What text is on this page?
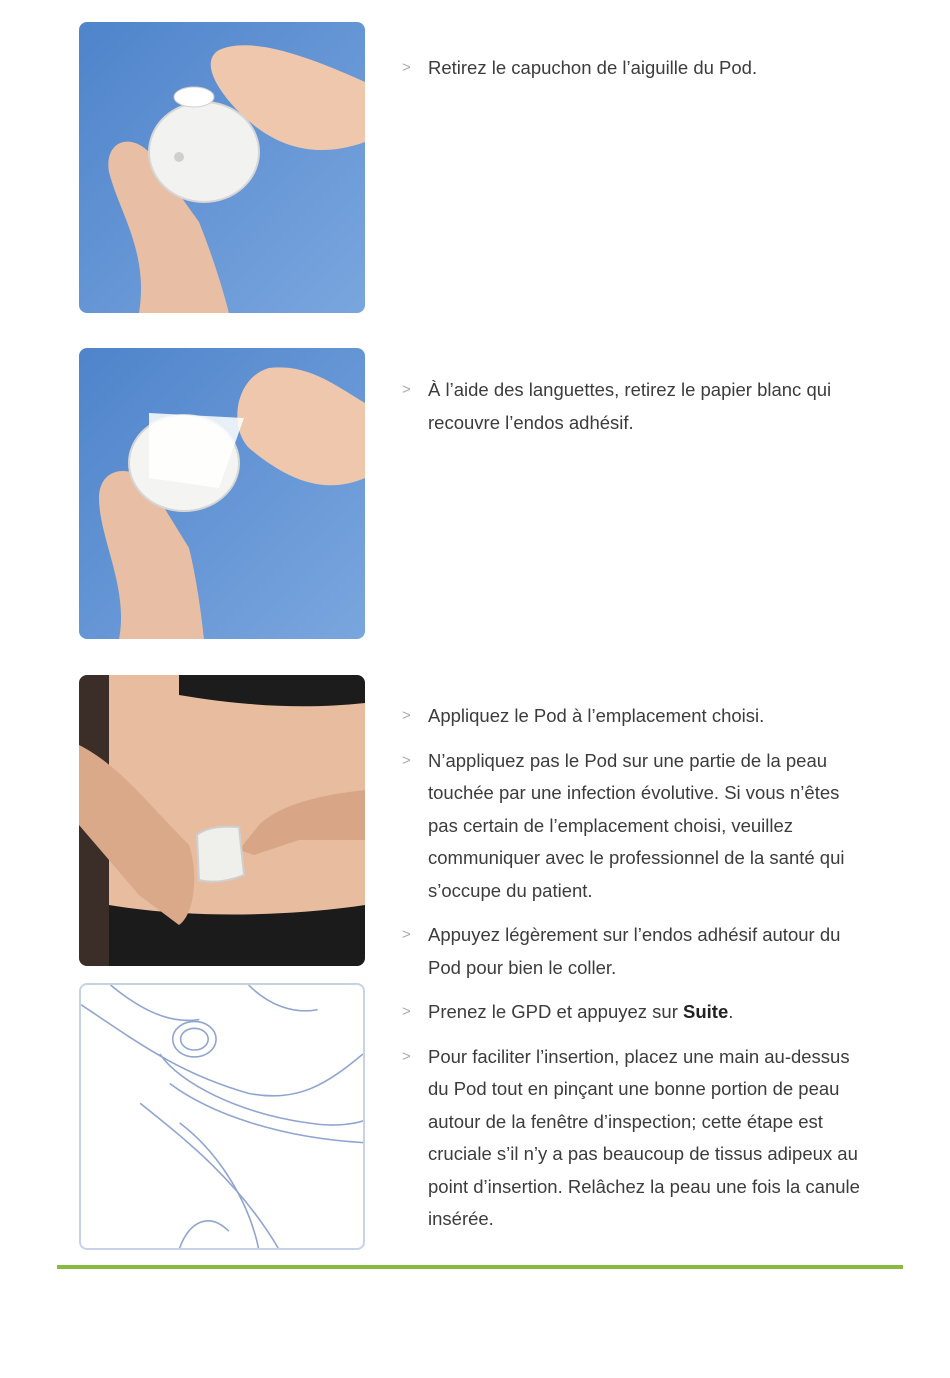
> Retirez le capuchon de l’aiguille du Pod.
> À l’aide des languettes, retirez le papier blanc qui recouvre l’endos adhésif.
> Appliquez le Pod à l’emplacement choisi.
> N’appliquez pas le Pod sur une partie de la peau touchée par une infection évolutive. Si vous n’êtes pas certain de l’emplacement choisi, veuillez communiquer avec le professionnel de la santé qui s’occupe du patient.
> Appuyez légèrement sur l’endos adhésif autour du Pod pour bien le coller.
> Prenez le GPD et appuyez sur Suite.
> Pour faciliter l’insertion, placez une main au-dessus du Pod tout en pinçant une bonne portion de peau autour de la fenêtre d’inspection; cette étape est cruciale s’il n’y a pas beaucoup de tissus adipeux au point d’insertion. Relâchez la peau une fois la canule insérée.
